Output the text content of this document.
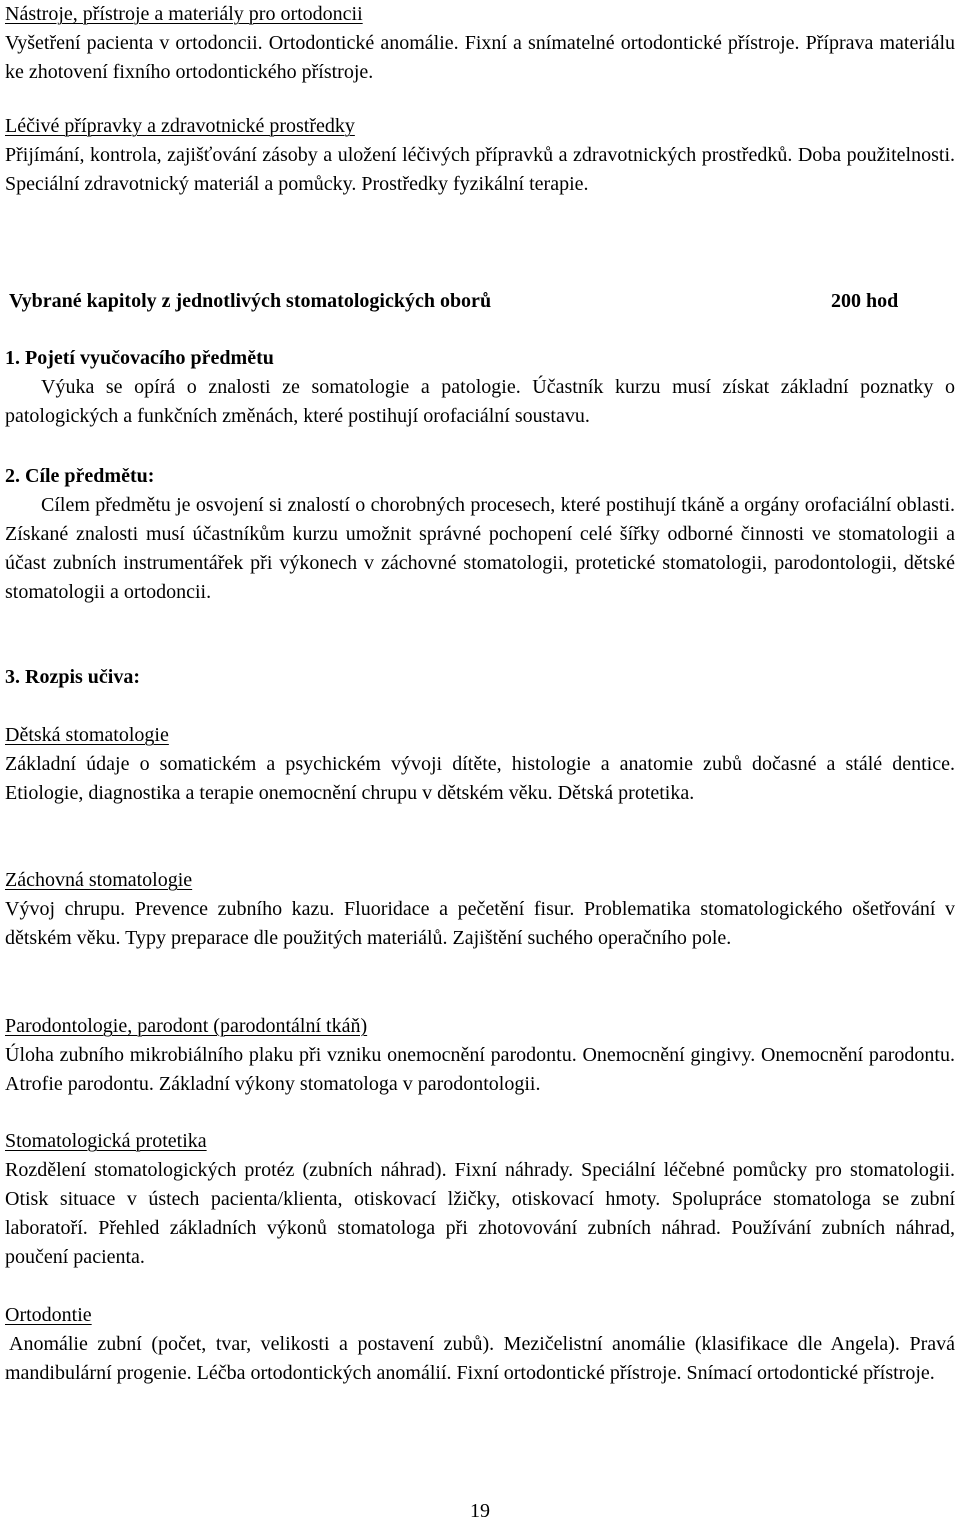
Nástroje, přístroje a materiály pro ortodoncii

Vyšetření pacienta v ortodoncii. Ortodontické anomálie. Fixní a snímatelné ortodontické přístroje. Příprava materiálu ke zhotovení fixního ortodontického přístroje.

Léčivé přípravky a zdravotnické prostředky

Přijímání, kontrola, zajišťování zásoby a uložení léčivých přípravků a zdravotnických prostředků. Doba použitelnosti. Speciální zdravotnický materiál a pomůcky. Prostředky fyzikální terapie.

Vybrané kapitoly z jednotlivých stomatologických oborů	200 hod

1. Pojetí vyučovacího předmětu

Výuka se opírá o znalosti ze somatologie a patologie. Účastník kurzu musí získat základní poznatky o patologických a funkčních změnách, které postihují orofaciální soustavu.

2. Cíle předmětu:

Cílem předmětu je osvojení si znalostí o chorobných procesech, které postihují tkáně a orgány orofaciální oblasti. Získané znalosti musí účastníkům kurzu umožnit správné pochopení celé šířky odborné činnosti ve stomatologii a účast zubních instrumentářek při výkonech v záchovné stomatologii, protetické stomatologii, parodontologii, dětské stomatologii a ortodoncii.

3. Rozpis učiva:

Dětská stomatologie

Základní údaje o somatickém a psychickém vývoji dítěte, histologie a anatomie zubů dočasné a stálé dentice. Etiologie, diagnostika a terapie onemocnění chrupu v dětském věku. Dětská protetika.

Záchovná stomatologie

Vývoj chrupu. Prevence zubního kazu. Fluoridace a pečetění fisur. Problematika stomatologického ošetřování v dětském věku. Typy preparace dle použitých materiálů. Zajištění suchého operačního pole.

Parodontologie, parodont (parodontální tkáň)

Úloha zubního mikrobiálního plaku při vzniku onemocnění parodontu. Onemocnění gingivy. Onemocnění parodontu. Atrofie parodontu. Základní výkony stomatologa v parodontologii.

Stomatologická protetika

Rozdělení stomatologických protéz (zubních náhrad). Fixní náhrady. Speciální léčebné pomůcky pro stomatologii. Otisk situace v ústech pacienta/klienta, otiskovací lžičky, otiskovací hmoty. Spolupráce stomatologa se zubní laboratoří. Přehled základních výkonů stomatologa při zhotovování zubních náhrad. Používání zubních náhrad, poučení pacienta.

Ortodontie

Anomálie zubní (počet, tvar, velikosti a postavení zubů). Mezičelistní anomálie (klasifikace dle Angela). Pravá mandibulární progenie. Léčba ortodontických anomálií. Fixní ortodontické přístroje. Snímací ortodontické přístroje.

19
